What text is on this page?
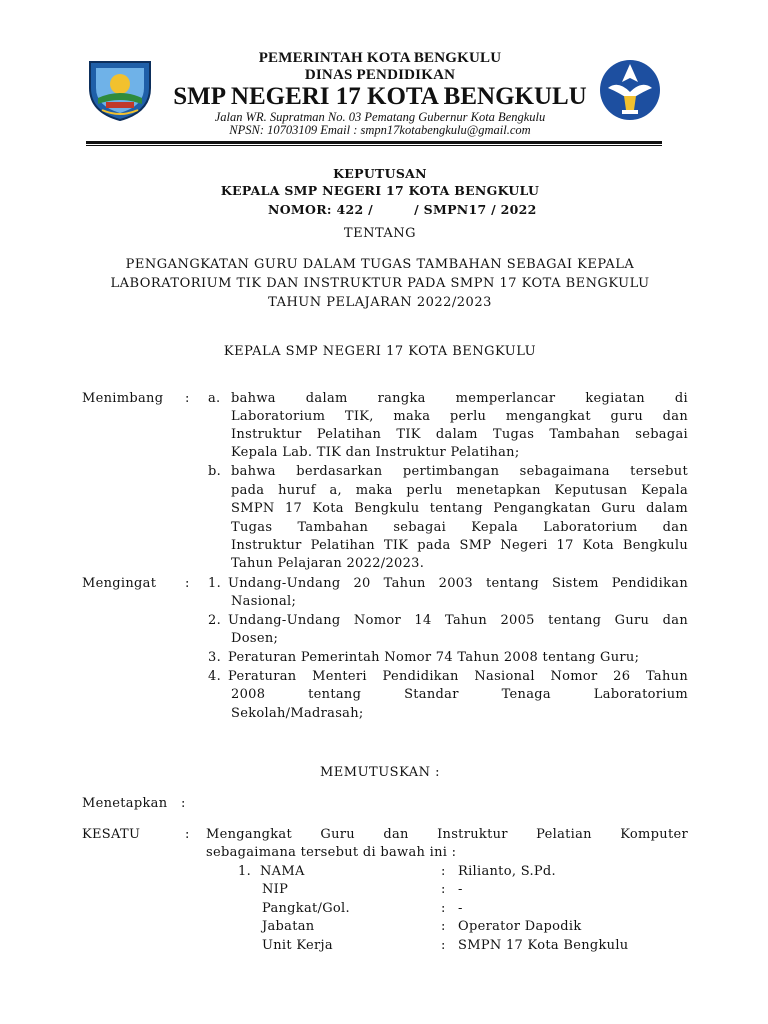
PEMERINTAH KOTA BENGKULU
DINAS PENDIDIKAN
SMP NEGERI 17 KOTA BENGKULU
Jalan WR. Supratman No. 03 Pematang Gubernur Kota Bengkulu
NPSN: 10703109 Email : smpn17kotabengkulu@gmail.com
KEPUTUSAN
KEPALA SMP NEGERI 17 KOTA BENGKULU
NOMOR: 422 /	/ SMPN17 / 2022
TENTANG
PENGANGKATAN GURU DALAM TUGAS TAMBAHAN SEBAGAI KEPALA
LABORATORIUM TIK DAN INSTRUKTUR PADA SMPN 17 KOTA BENGKULU
TAHUN PELAJARAN 2022/2023
KEPALA SMP NEGERI 17 KOTA BENGKULU
Menimbang : a. bahwa dalam rangka memperlancar kegiatan di
Laboratorium TIK, maka perlu mengangkat guru dan
Instruktur Pelatihan TIK dalam Tugas Tambahan sebagai
Kepala Lab. TIK dan Instruktur Pelatihan;
b. bahwa berdasarkan pertimbangan sebagaimana tersebut
pada huruf a, maka perlu menetapkan Keputusan Kepala
SMPN 17 Kota Bengkulu tentang Pengangkatan Guru dalam
Tugas Tambahan sebagai Kepala Laboratorium dan
Instruktur Pelatihan TIK pada SMP Negeri 17 Kota Bengkulu
Tahun Pelajaran 2022/2023.
Mengingat : 1. Undang-Undang 20 Tahun 2003 tentang Sistem Pendidikan
Nasional;
2. Undang-Undang Nomor 14 Tahun 2005 tentang Guru dan
Dosen;
3. Peraturan Pemerintah Nomor 74 Tahun 2008 tentang Guru;
4. Peraturan Menteri Pendidikan Nasional Nomor 26 Tahun
2008 tentang Standar Tenaga Laboratorium
Sekolah/Madrasah;
MEMUTUSKAN :
Menetapkan :
KESATU	: Mengangkat Guru dan Instruktur Pelatian Komputer
sebagaimana tersebut di bawah ini :
1. NAMA	: Rilianto, S.Pd.
NIP	: -
Pangkat/Gol.	: -
Jabatan	: Operator Dapodik
Unit Kerja	: SMPN 17 Kota Bengkulu
